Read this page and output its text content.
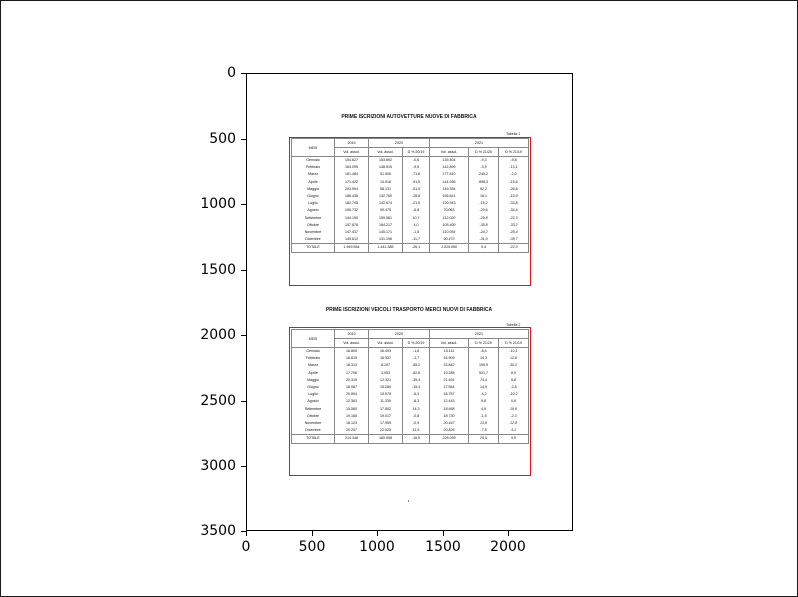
0
500
1000
1500
2000
2500
3000
3500
0	500	1000	1500	2000
PRIME ISCRIZIONI AUTOVETTURE NUOVE DI FABBRICA
Tabella 1
MESI	2019	2020		2021		
	Vol. assol.	Vol. assol.	D % 20/19	Vol. assol.	D % 21/20	D % 21/19
Gennaio	154.627	153.692	-0,6	139.404	-9,3	-9,8
Febbraio	164.095	148.515	-9,5	142.899	-3,9	-13,1
Marzo	181.484	51.506	-71,6	177.810	245,2	-2,0
Aprile	171.422	14.518	-91,5	144.936	898,3	-15,6
Maggio	203.904	98.131	-51,9	149.354	52,2	-26,8
Giugno	186.438	132.760	-28,8	156.814	18,1	-15,9
Luglio	182.745	142.674	-21,9	120.943	-15,2	-33,8
Agosto	106.732	99.475	-6,8	70.063	-29,6	-34,4
Settembre	144.190	159.561	10,7	112.020	-29,8	-22,3
Ottobre	157.878	164.217	4,0	105.400	-35,8	-33,2
Novembre	147.437	145.171	-1,5	110.054	-24,2	-25,4
Dicembre	149.612	131.196	-11,7	90.473	-31,0	-39,7
TOTALE	1.949.554	1.441.385	-26,1	1.519.690	5,4	-22,0
PRIME ISCRIZIONI VEICOLI TRASPORTO MERCI NUOVI DI FABBRICA
Tabella 2
MESI	2019	2020		2021		
	Vol. assol.	Vol. assol.	D % 20/19	Vol. assol.	D % 21/20	D % 21/19
Gennaio	16.800	16.493	-1,8	15.111	-8,4	-10,1
Febbraio	16.815	16.537	-1,7	16.909	14,3	12,6
Marzo	18.313	8.197	-55,2	23.842	190,9	30,2
Aprile	17.706	3.053	-82,8	19.285	531,7	8,9
Maggio	20.315	12.321	-39,4	21.491	74,4	5,8
Giugno	18.067	15.280	-15,4	17.554	14,9	-2,8
Luglio	20.894	19.578	-6,3	18.757	-4,2	-10,2
Agosto	12.363	11.335	-8,3	12.443	9,8	0,6
Settembre	15.580	17.802	14,3	18.668	4,9	19,8
Ottobre	19.165	19.017	-0,8	18.730	-1,5	-2,3
Novembre	18.123	17.959	-0,9	20.447	13,8	12,8
Dicembre	20.207	22.525	11,5	20.826	-7,5	3,1
TOTALE	214.348	180.098	-16,0	226.059	25,5	5,5
